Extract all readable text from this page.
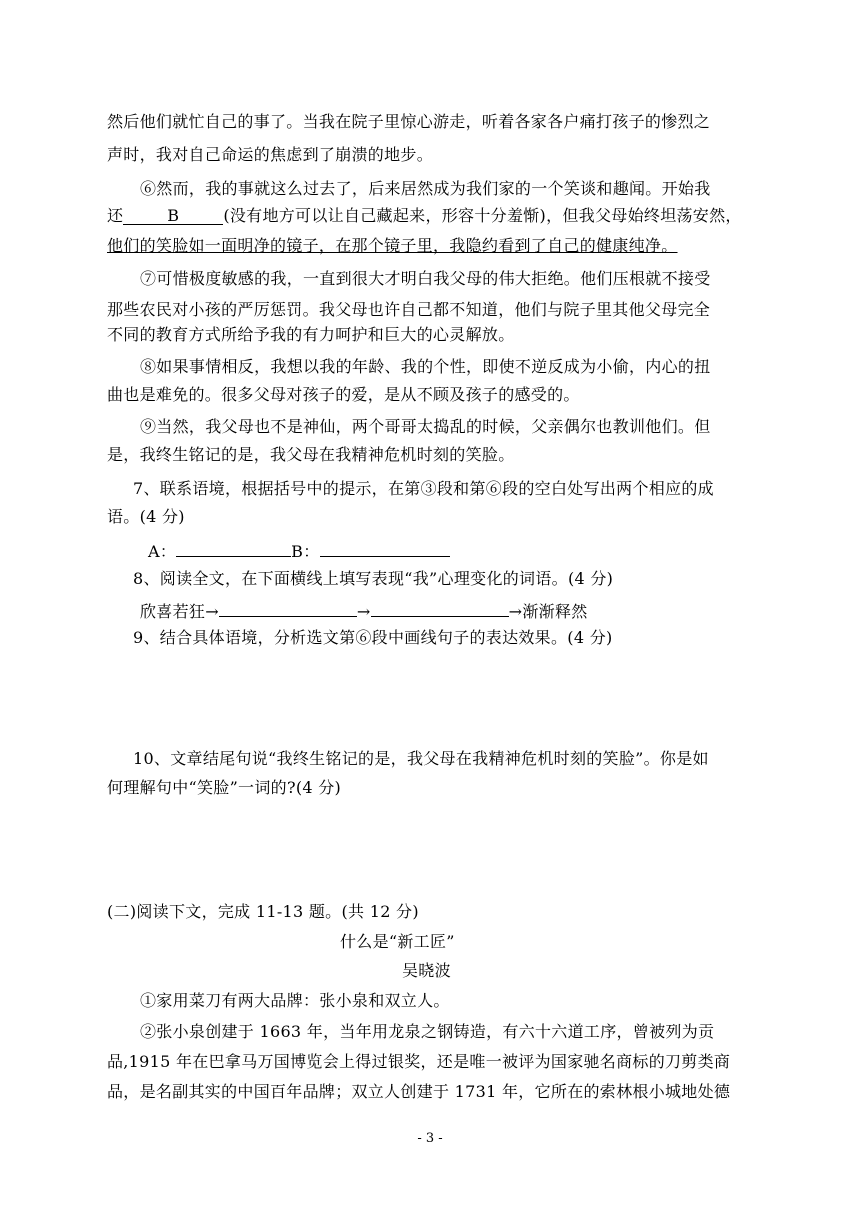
然后他们就忙自己的事了。当我在院子里惊心游走，听着各家各户痛打孩子的惨烈之
声时，我对自己命运的焦虑到了崩溃的地步。
⑥然而，我的事就这么过去了，后来居然成为我们家的一个笑谈和趣闻。开始我
还	B	(没有地方可以让自己藏起来，形容十分羞惭)，但我父母始终坦荡安然，
他们的笑脸如一面明净的镜子，在那个镜子里，我隐约看到了自己的健康纯净。
⑦可惜极度敏感的我，一直到很大才明白我父母的伟大拒绝。他们压根就不接受
那些农民对小孩的严厉惩罚。我父母也许自己都不知道，他们与院子里其他父母完全
不同的教育方式所给予我的有力呵护和巨大的心灵解放。
⑧如果事情相反，我想以我的年龄、我的个性，即使不逆反成为小偷，内心的扭
曲也是难免的。很多父母对孩子的爱，是从不顾及孩子的感受的。
⑨当然，我父母也不是神仙，两个哥哥太捣乱的时候，父亲偶尔也教训他们。但
是，我终生铭记的是，我父母在我精神危机时刻的笑脸。
7、联系语境，根据括号中的提示，在第③段和第⑥段的空白处写出两个相应的成
语。(4 分)
A：	B：
8、阅读全文，在下面横线上填写表现“我”心理变化的词语。(4 分)
欣喜若狂→	→	→渐渐释然
9、结合具体语境，分析选文第⑥段中画线句子的表达效果。(4 分)
10、文章结尾句说“我终生铭记的是，我父母在我精神危机时刻的笑脸”。你是如
何理解句中“笑脸”一词的?(4 分)
(二)阅读下文，完成 11-13 题。(共 12 分)
什么是“新工匠”
吴晓波
①家用菜刀有两大品牌：张小泉和双立人。
②张小泉创建于 1663 年，当年用龙泉之钢铸造，有六十六道工序，曾被列为贡
品,1915 年在巴拿马万国博览会上得过银奖，还是唯一被评为国家驰名商标的刀剪类商
品，是名副其实的中国百年品牌；双立人创建于 1731 年，它所在的索林根小城地处德
- 3 -
